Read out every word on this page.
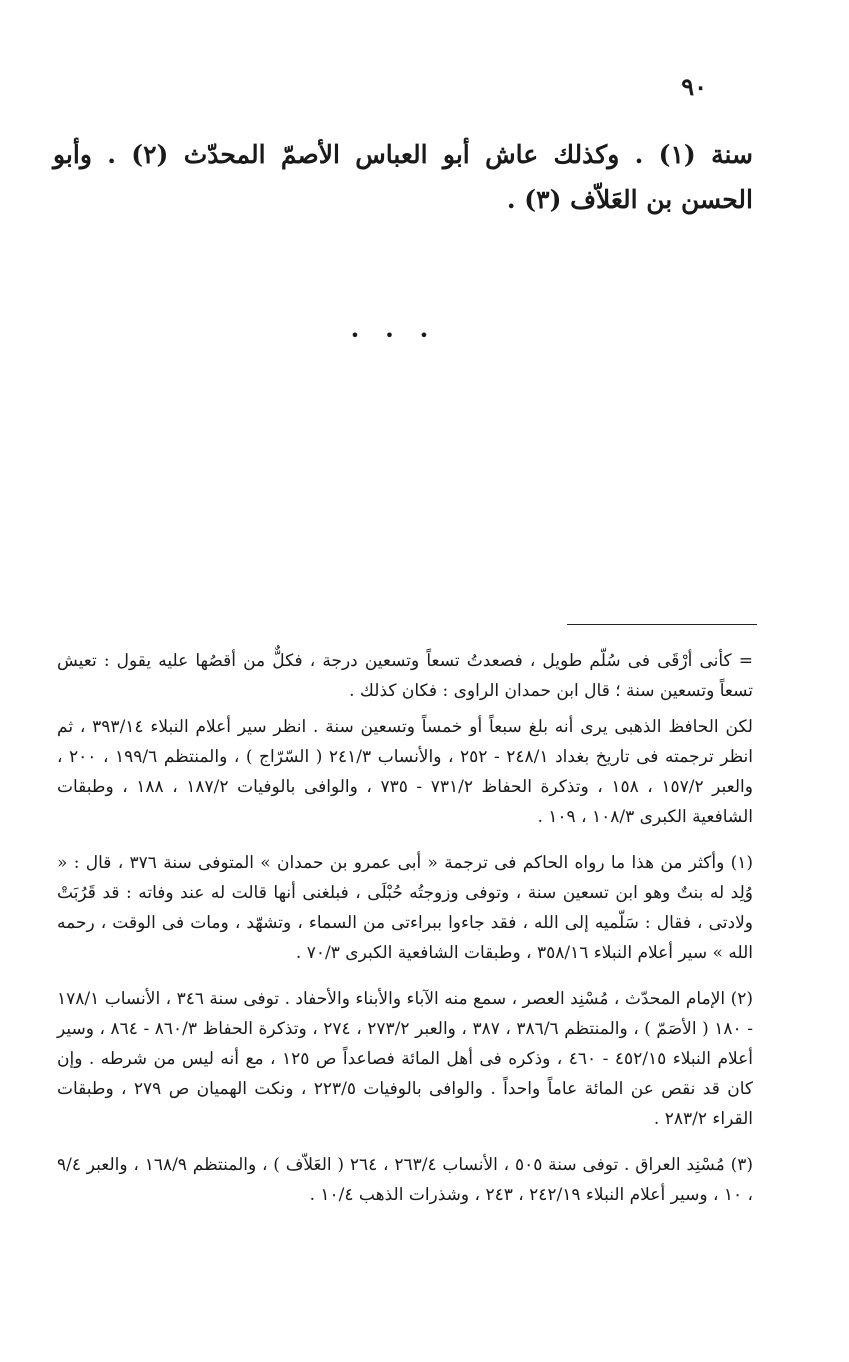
٩٠
سنة (١) . وكذلك عاش أبو العباس الأصمّ المحدّث (٢) . وأبو الحسن بن العَلاّف (٣) .
• • •

= كأنى أرْقَى فى سُلّم طويل ، فصعدتُ تسعاً وتسعين درجة ، فكلٌّ من أقصُها عليه يقول : تعيش تسعاً وتسعين سنة ؛ قال ابن حمدان الراوى : فكان كذلك .

لكن الحافظ الذهبى يرى أنه بلغ سبعاً أو خمساً وتسعين سنة . انظر سير أعلام النبلاء ٣٩٣/١٤ ، ثم انظر ترجمته فى تاريخ بغداد ٢٤٨/١ - ٢٥٢ ، والأنساب ٢٤١/٣ ( السّرّاج ) ، والمنتظم ١٩٩/٦ ، ٢٠٠ ، والعبر ١٥٧/٢ ، ١٥٨ ، وتذكرة الحفاظ ٧٣١/٢ - ٧٣٥ ، والوافى بالوفيات ١٨٧/٢ ، ١٨٨ ، وطبقات الشافعية الكبرى ١٠٨/٣ ، ١٠٩ .

(١) وأكثر من هذا ما رواه الحاكم فى ترجمة « أبى عمرو بن حمدان » المتوفى سنة ٣٧٦ ، قال : « وُلِد له بنتٌ وهو ابن تسعين سنة ، وتوفى وزوجتُه حُبْلَى ، فبلغنى أنها قالت له عند وفاته : قد قَرُبَتْ ولادتى ، فقال : سَلّميه إلى الله ، فقد جاءوا ببراءتى من السماء ، وتشهّد ، ومات فى الوقت ، رحمه الله » سير أعلام النبلاء ٣٥٨/١٦ ، وطبقات الشافعية الكبرى ٧٠/٣ .

(٢) الإمام المحدّث ، مُسْنِد العصر ، سمع منه الآباء والأبناء والأحفاد . توفى سنة ٣٤٦ ، الأنساب ١٧٨/١ - ١٨٠ ( الأصَمّ ) ، والمنتظم ٣٨٦/٦ ، ٣٨٧ ، والعبر ٢٧٣/٢ ، ٢٧٤ ، وتذكرة الحفاظ ٨٦٠/٣ - ٨٦٤ ، وسير أعلام النبلاء ٤٥٢/١٥ - ٤٦٠ ، وذكره فى أهل المائة فصاعداً ص ١٢٥ ، مع أنه ليس من شرطه . وإن كان قد نقص عن المائة عاماً واحداً . والوافى بالوفيات ٢٢٣/٥ ، ونكت الهميان ص ٢٧٩ ، وطبقات القراء ٢٨٣/٢ .

(٣) مُسْنِد العراق . توفى سنة ٥٠٥ ، الأنساب ٢٦٣/٤ ، ٢٦٤ ( العَلاّف ) ، والمنتظم ١٦٨/٩ ، والعبر ٩/٤ ، ١٠ ، وسير أعلام النبلاء ٢٤٢/١٩ ، ٢٤٣ ، وشذرات الذهب ١٠/٤ .
